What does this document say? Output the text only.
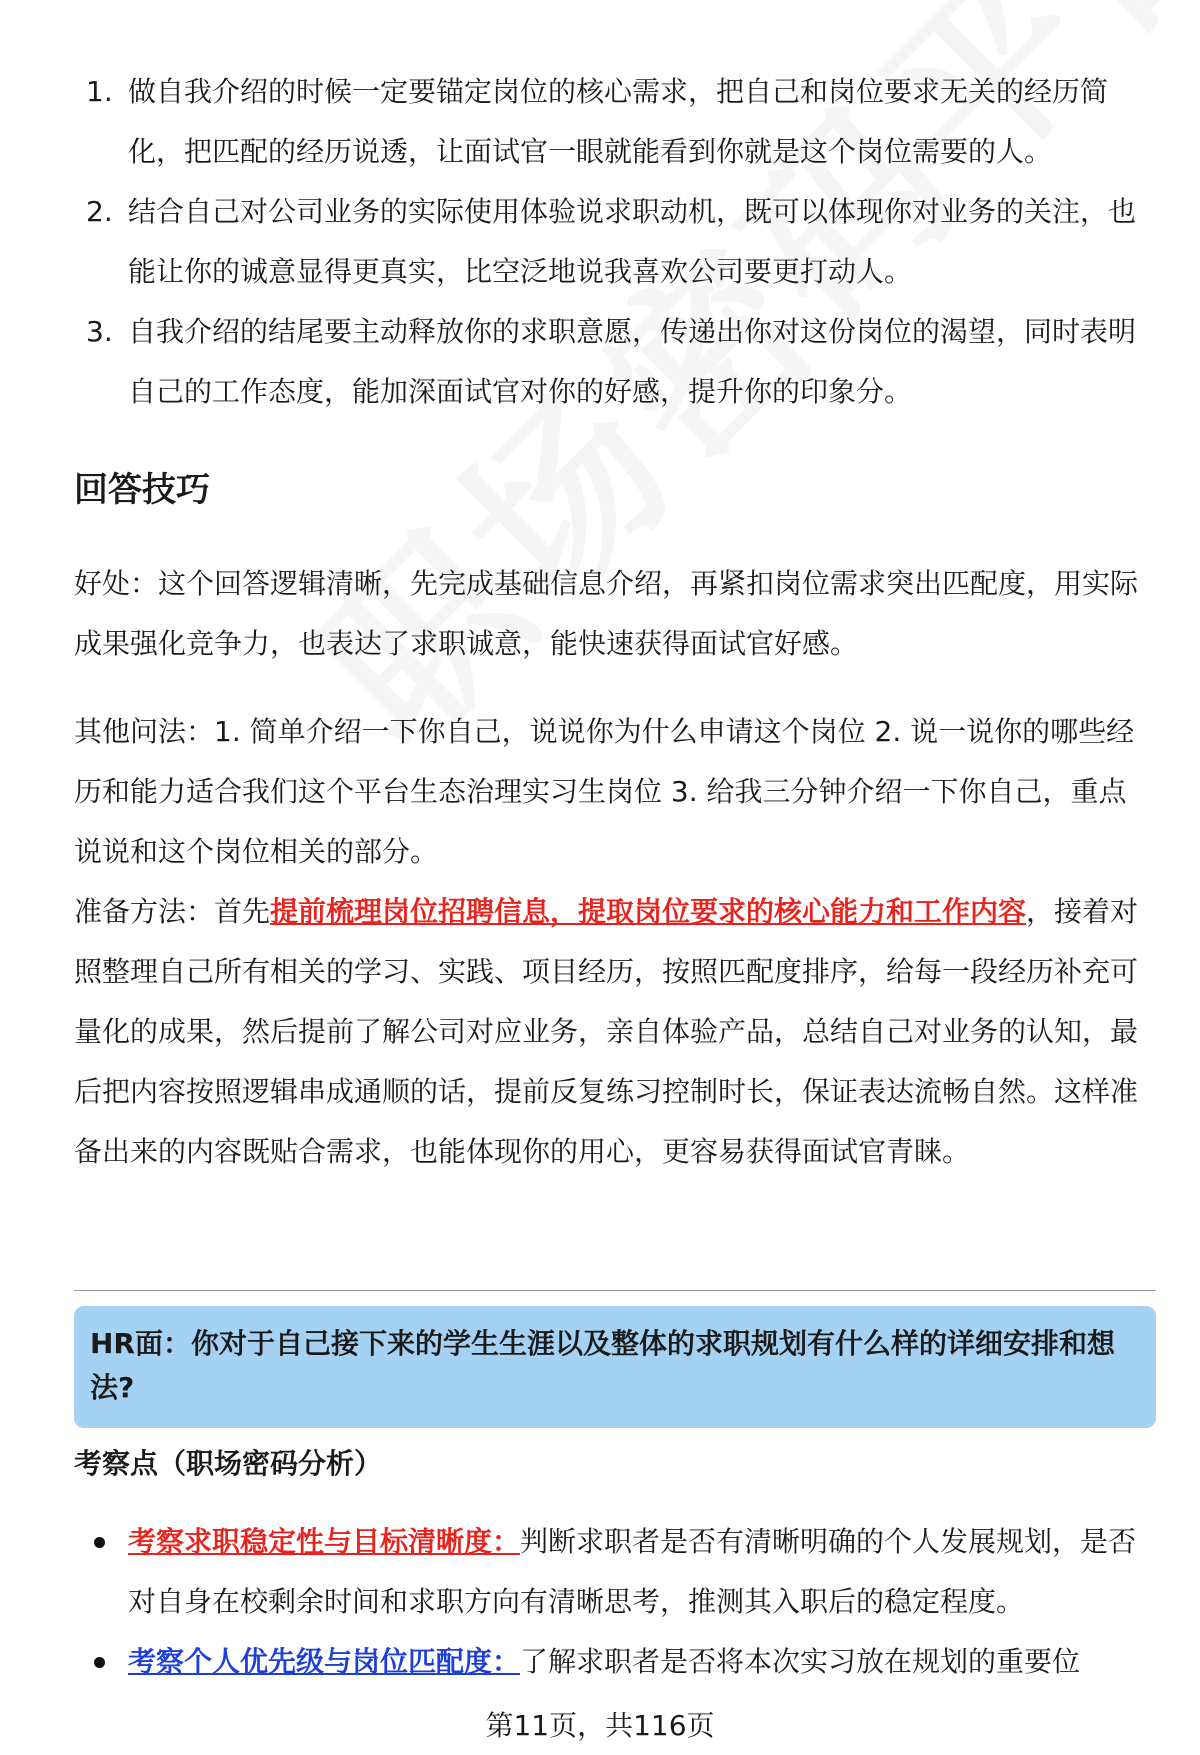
1. 做自我介绍的时候一定要锚定岗位的核心需求，把自己和岗位要求无关的经历简化，把匹配的经历说透，让面试官一眼就能看到你就是这个岗位需要的人。
2. 结合自己对公司业务的实际使用体验说求职动机，既可以体现你对业务的关注，也能让你的诚意显得更真实，比空泛地说我喜欢公司要更打动人。
3. 自我介绍的结尾要主动释放你的求职意愿，传递出你对这份岗位的渴望，同时表明自己的工作态度，能加深面试官对你的好感，提升你的印象分。
回答技巧

好处：这个回答逻辑清晰，先完成基础信息介绍，再紧扣岗位需求突出匹配度，用实际成果强化竞争力，也表达了求职诚意，能快速获得面试官好感。

其他问法：1. 简单介绍一下你自己，说说你为什么申请这个岗位 2. 说一说你的哪些经历和能力适合我们这个平台生态治理实习生岗位 3. 给我三分钟介绍一下你自己，重点说说和这个岗位相关的部分。

准备方法：首先提前梳理岗位招聘信息，提取岗位要求的核心能力和工作内容，接着对照整理自己所有相关的学习、实践、项目经历，按照匹配度排序，给每一段经历补充可量化的成果，然后提前了解公司对应业务，亲自体验产品，总结自己对业务的认知，最后把内容按照逻辑串成通顺的话，提前反复练习控制时长，保证表达流畅自然。这样准备出来的内容既贴合需求，也能体现你的用心，更容易获得面试官青睐。

HR面：你对于自己接下来的学生生涯以及整体的求职规划有什么样的详细安排和想法?

考察点（职场密码分析）
考察求职稳定性与目标清晰度：判断求职者是否有清晰明确的个人发展规划，是否对自身在校剩余时间和求职方向有清晰思考，推测其入职后的稳定程度。
考察个人优先级与岗位匹配度：了解求职者是否将本次实习放在规划的重要位
第11页，共116页
